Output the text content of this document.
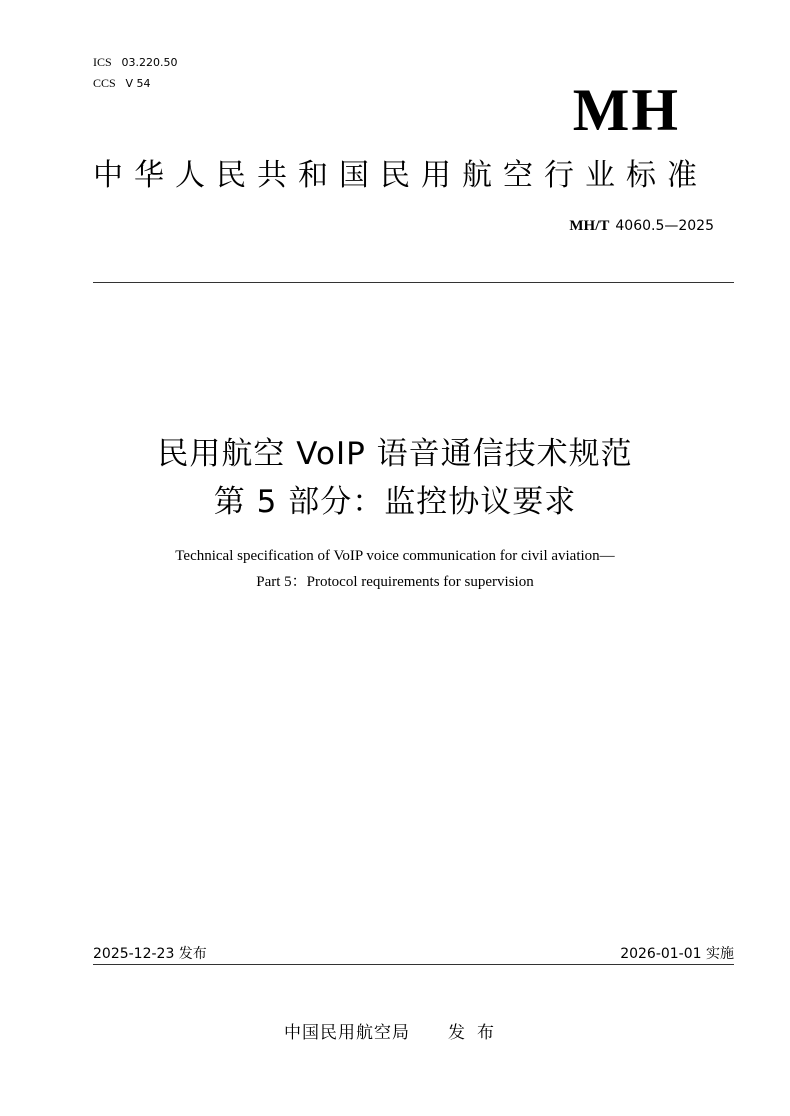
ICS 03.220.50
CCS V 54	MH
中华人民共和国民用航空行业标准
MH/T 4060.5—2025
民用航空 VoIP 语音通信技术规范
第 5 部分：监控协议要求
Technical specification of VoIP voice communication for civil aviation—
Part 5：Protocol requirements for supervision
2025-12-23 发布	2026-01-01 实施
中国民用航空局 发布
